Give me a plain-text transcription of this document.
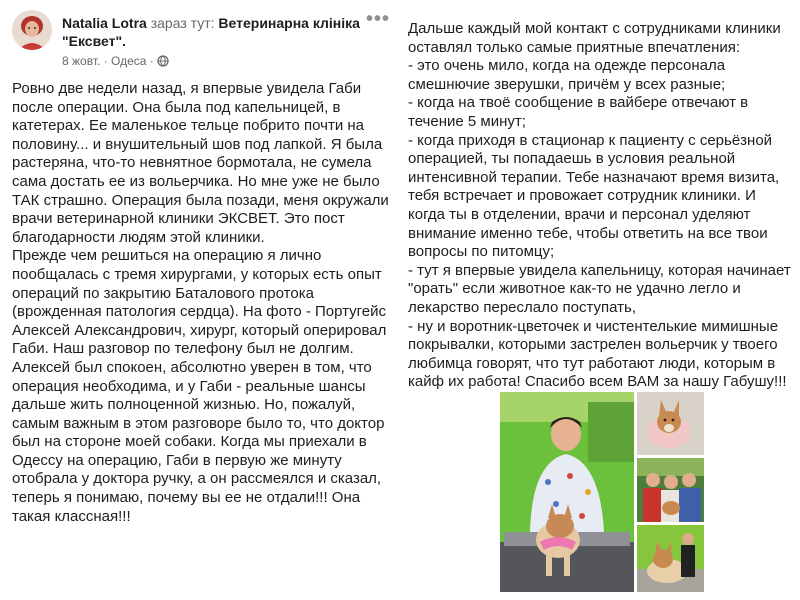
Natalia Lotra зараз тут: Ветеринарна клініка "Ексвет".
•••
8 жовт. · Одеса ·
Ровно две недели назад, я впервые увидела Габи после операции. Она была под капельницей, в катетерах. Ее маленькое тельце побрито почти на половину... и внушительный шов под лапкой. Я была растеряна, что-то невнятное бормотала, не сумела сама достать ее из вольерчика. Но мне уже не было ТАК страшно. Операция была позади, меня окружали врачи ветеринарной клиники ЭКСВЕТ. Это пост благодарности людям этой клиники.
Прежде чем решиться на операцию я лично пообщалась с тремя хирургами, у которых есть опыт операций по закрытию Баталового протока (врожденная патология сердца). На фото - Португейс Алексей Александрович, хирург, который оперировал Габи. Наш разговор по телефону был не долгим. Алексей был спокоен, абсолютно уверен в том, что операция необходима, и у Габи - реальные шансы дальше жить полноценной жизнью. Но, пожалуй, самым важным в этом разговоре было то, что доктор был на стороне моей собаки. Когда мы приехали в Одессу на операцию, Габи в первую же минуту отобрала у доктора ручку, а он рассмеялся и сказал, теперь я понимаю, почему вы ее не отдали!!! Она такая классная!!!
Дальше каждый мой контакт с сотрудниками клиники оставлял только самые приятные впечатления:
- это очень мило, когда на одежде персонала смешнючие зверушки, причём у всех разные;
- когда на твоё сообщение в вайбере отвечают в течение 5 минут;
- когда приходя в стационар к пациенту с серьёзной операцией, ты попадаешь в условия реальной интенсивной терапии. Тебе назначают время визита, тебя встречает и провожает сотрудник клиники. И когда ты в отделении, врачи и персонал уделяют внимание именно тебе, чтобы ответить на все твои вопросы по питомцу;
- тут я впервые увидела капельницу, которая начинает "орать" если животное как-то не удачно легло и лекарство переслало поступать,
- ну и воротник-цветочек и чистентелькие мимишные покрывалки, которыми застрелен вольерчик у твоего любимца говорят, что тут работают люди, которым в кайф их работа! Спасибо всем ВАМ за нашу Габушу!!!
